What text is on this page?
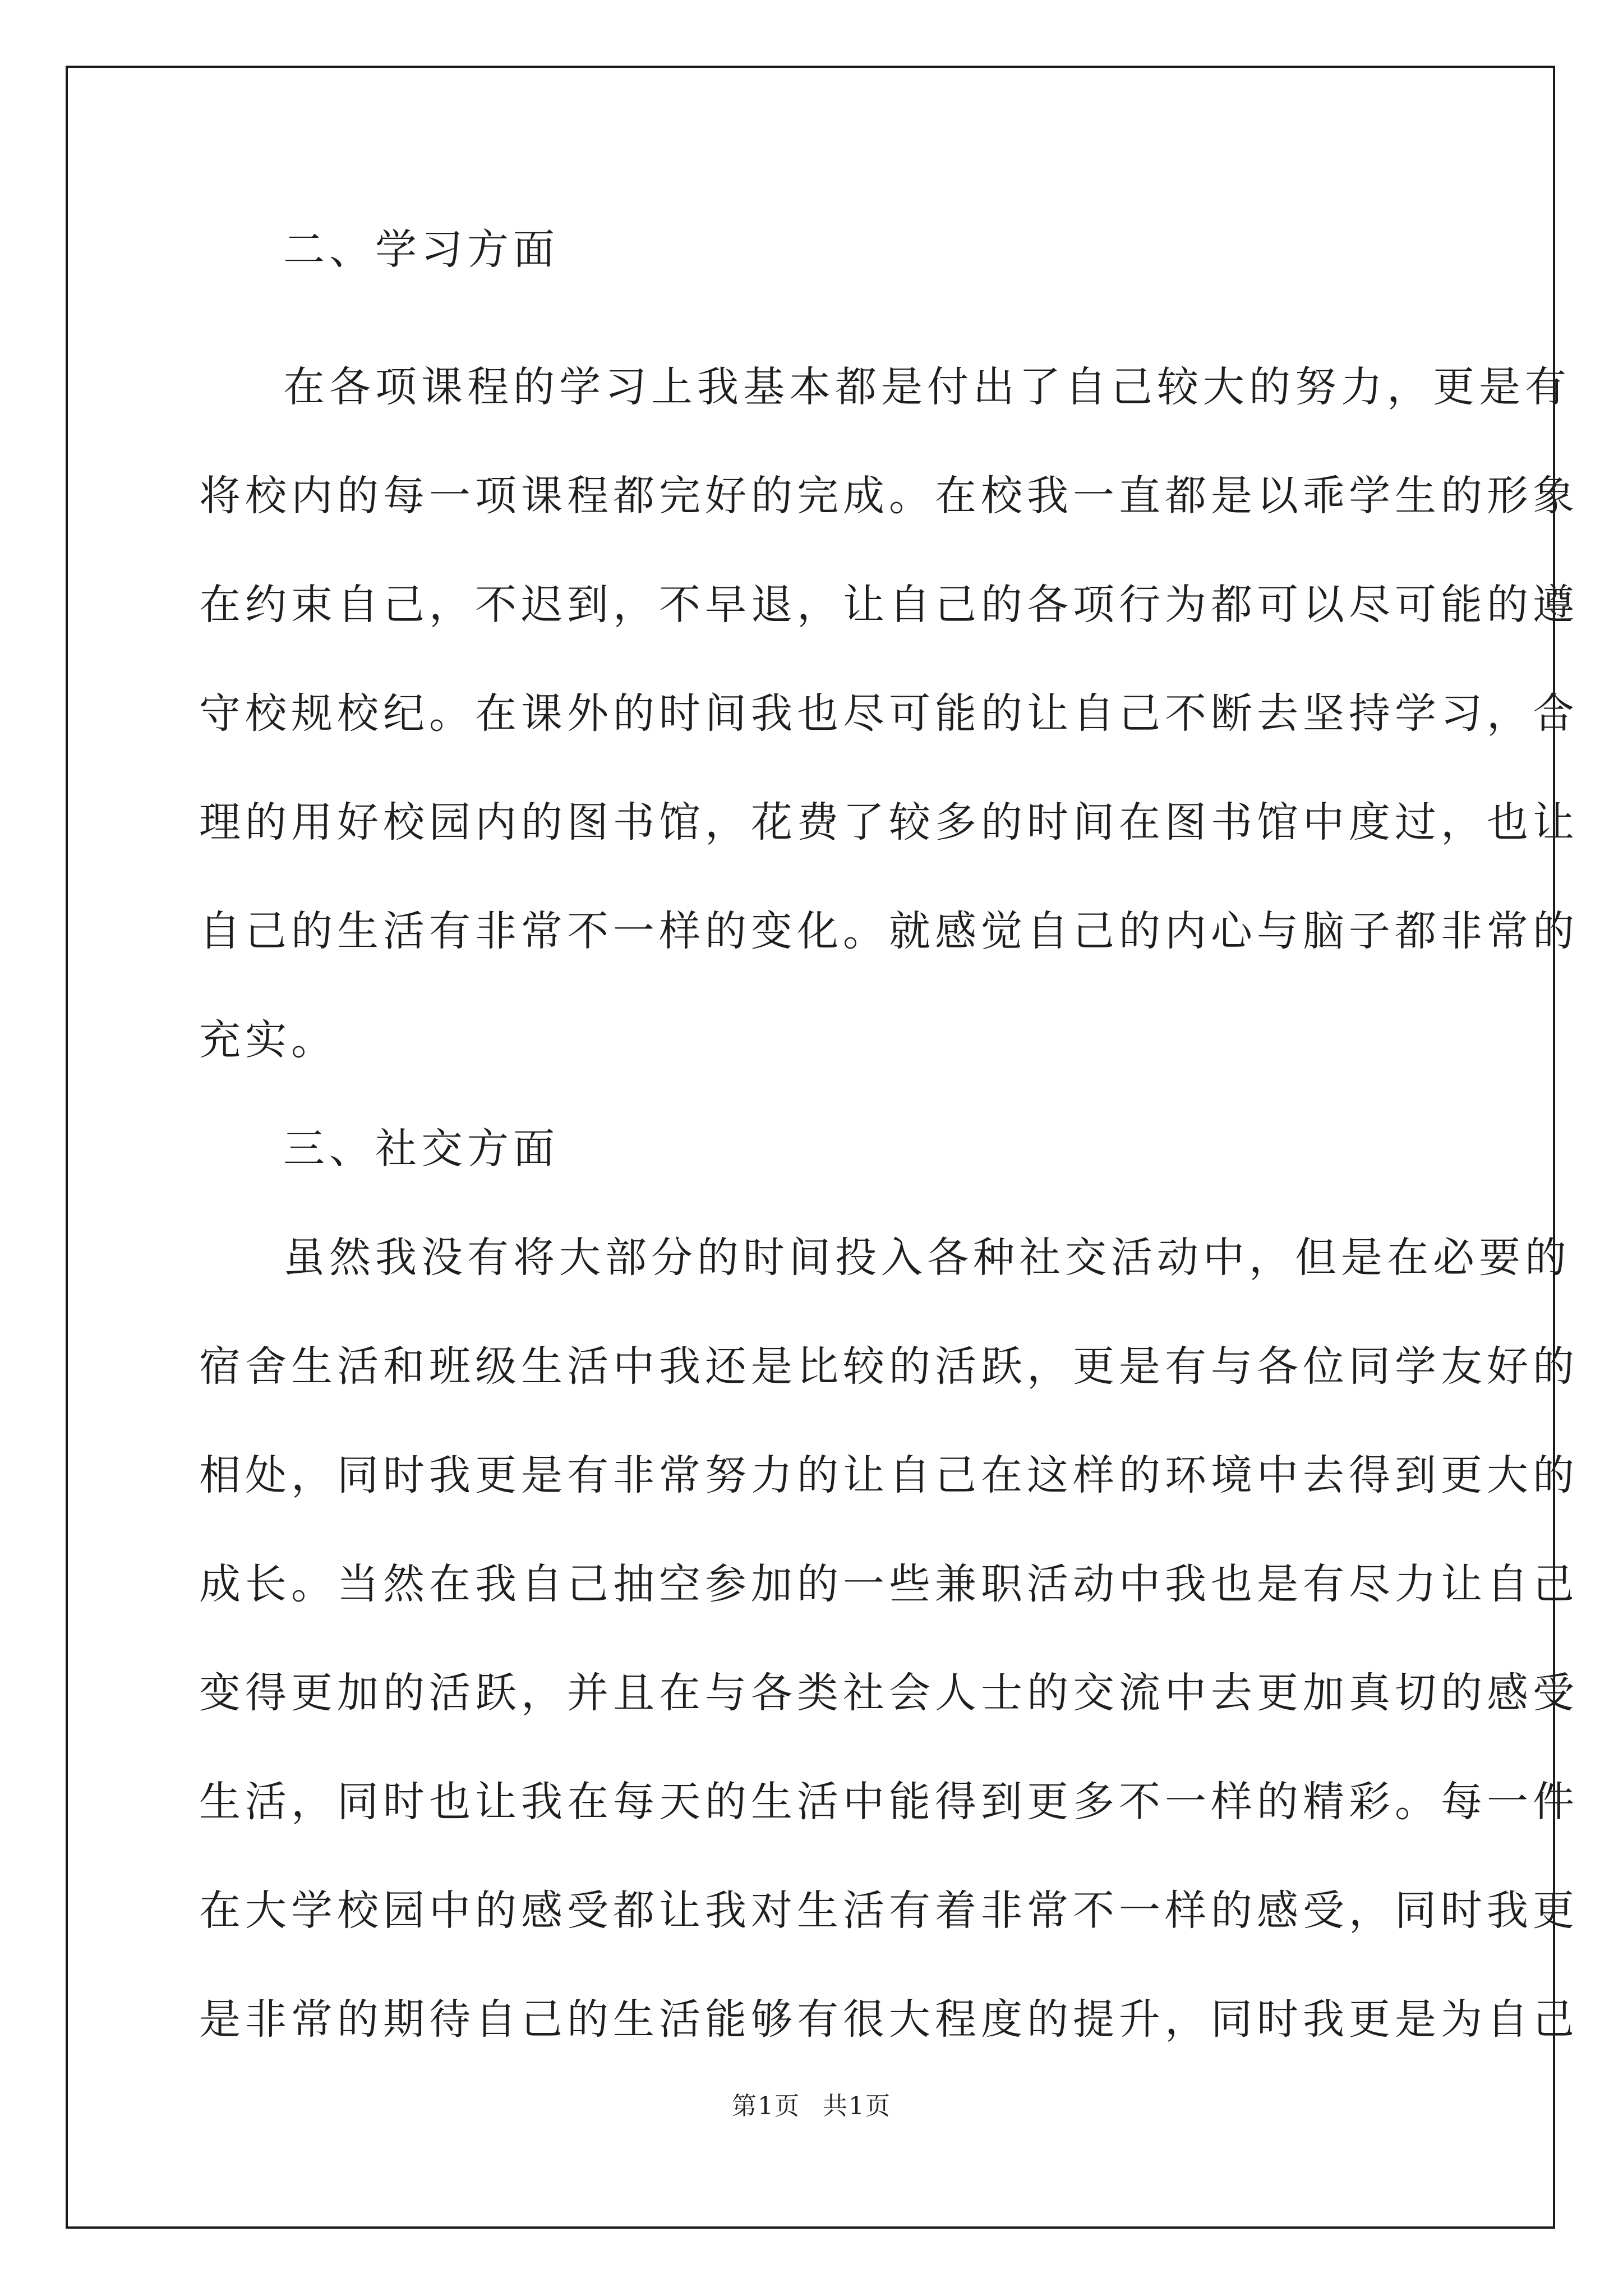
二、学习方面

在各项课程的学习上我基本都是付出了自己较大的努力，更是有
将校内的每一项课程都完好的完成。在校我一直都是以乖学生的形象
在约束自己，不迟到，不早退，让自己的各项行为都可以尽可能的遵
守校规校纪。在课外的时间我也尽可能的让自己不断去坚持学习，合
理的用好校园内的图书馆，花费了较多的时间在图书馆中度过，也让
自己的生活有非常不一样的变化。就感觉自己的内心与脑子都非常的
充实。

三、社交方面

虽然我没有将大部分的时间投入各种社交活动中，但是在必要的
宿舍生活和班级生活中我还是比较的活跃，更是有与各位同学友好的
相处，同时我更是有非常努力的让自己在这样的环境中去得到更大的
成长。当然在我自己抽空参加的一些兼职活动中我也是有尽力让自己
变得更加的活跃，并且在与各类社会人士的交流中去更加真切的感受
生活，同时也让我在每天的生活中能得到更多不一样的精彩。每一件
在大学校园中的感受都让我对生活有着非常不一样的感受，同时我更
是非常的期待自己的生活能够有很大程度的提升，同时我更是为自己
第1页 共1页
